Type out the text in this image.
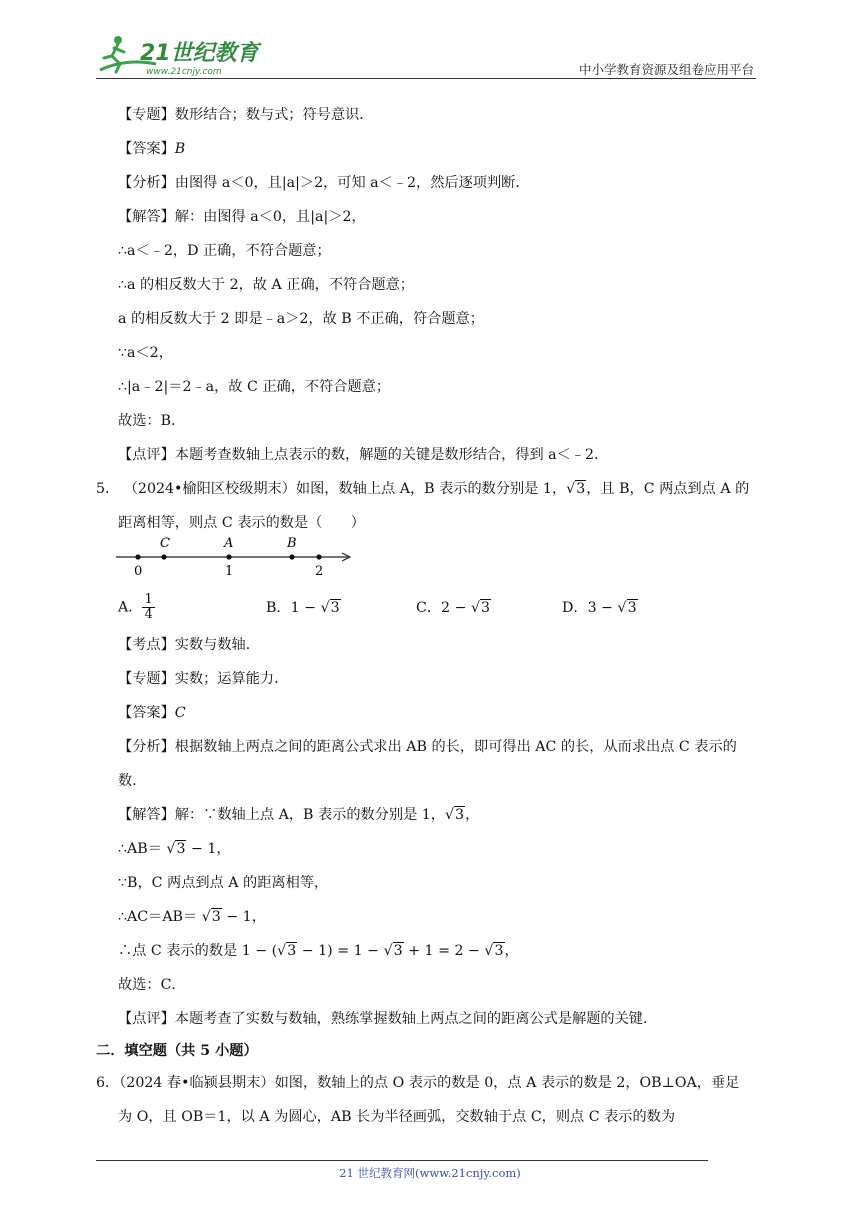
21世纪教育
www.21cnjy.com	中小学教育资源及组卷应用平台
【专题】数形结合；数与式；符号意识．
【答案】B
【分析】由图得 a＜0，且|a|＞2，可知 a＜﹣2，然后逐项判断．
【解答】解：由图得 a＜0，且|a|＞2，
∴a＜﹣2，D 正确，不符合题意；
∴a 的相反数大于 2，故 A 正确，不符合题意；
a 的相反数大于 2 即是﹣a＞2，故 B 不正确，符合题意；
∵a＜2，
∴|a﹣2|＝2﹣a，故 C 正确，不符合题意；
故选：B．
【点评】本题考查数轴上点表示的数，解题的关键是数形结合，得到 a＜﹣2．
5． （2024•榆阳区校级期末）如图，数轴上点 A，B 表示的数分别是 1，√3，且 B，C 两点到点 A 的
距离相等，则点 C 表示的数是（　　）
C	A	B
0	1	2
A． $\frac{1}{4}$	B．1 − √3	C．2 − √3	D．3 − √3
【考点】实数与数轴．
【专题】实数；运算能力．
【答案】C
【分析】根据数轴上两点之间的距离公式求出 AB 的长，即可得出 AC 的长，从而求出点 C 表示的
数．
【解答】解：∵数轴上点 A，B 表示的数分别是 1，√3，
∴AB＝ √3 − 1，
∵B，C 两点到点 A 的距离相等，
∴AC＝AB＝ √3 − 1，
∴点 C 表示的数是 1 − (√3 − 1) = 1 − √3 + 1 = 2 − √3，
故选：C．
【点评】本题考查了实数与数轴，熟练掌握数轴上两点之间的距离公式是解题的关键．
二．填空题（共 5 小题）
6．（2024 春•临颍县期末）如图，数轴上的点 O 表示的数是 0，点 A 表示的数是 2，OB⊥OA，垂足
为 O，且 OB＝1，以 A 为圆心，AB 长为半径画弧，交数轴于点 C，则点 C 表示的数为
21 世纪教育网(www.21cnjy.com)
